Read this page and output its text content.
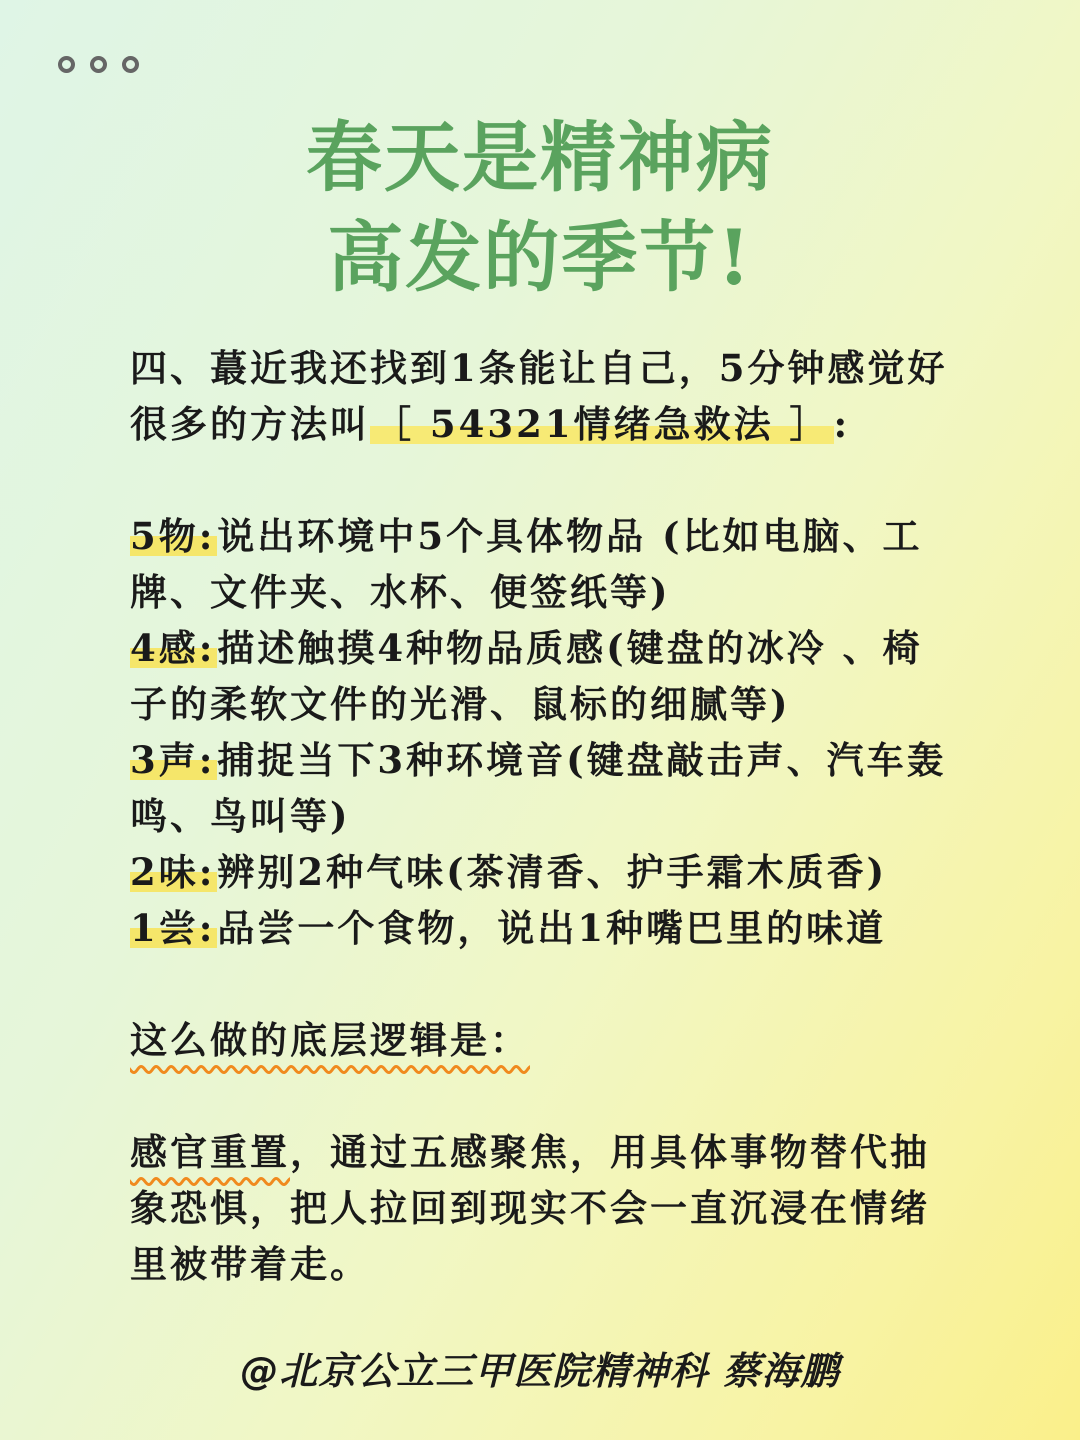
春天是精神病
高发的季节!

四、蕞近我还找到1条能让自己，5分钟感觉好很多的方法叫 ［ 54321情绪急救法 ］ :

5物:说出环境中5个具体物品 (比如电脑、工牌、文件夹、水杯、便签纸等)

4感:描述触摸4种物品质感(键盘的冰冷 、椅子的柔软文件的光滑、鼠标的细腻等)

3声:捕捉当下3种环境音(键盘敲击声、汽车轰鸣、鸟叫等)

2味:辨别2种气味(茶清香、护手霜木质香)

1尝:品尝一个食物，说出1种嘴巴里的味道

这么做的底层逻辑是：

感官重置，通过五感聚焦，用具体事物替代抽象恐惧，把人拉回到现实不会一直沉浸在情绪里被带着走。

@北京公立三甲医院精神科 蔡海鹏
